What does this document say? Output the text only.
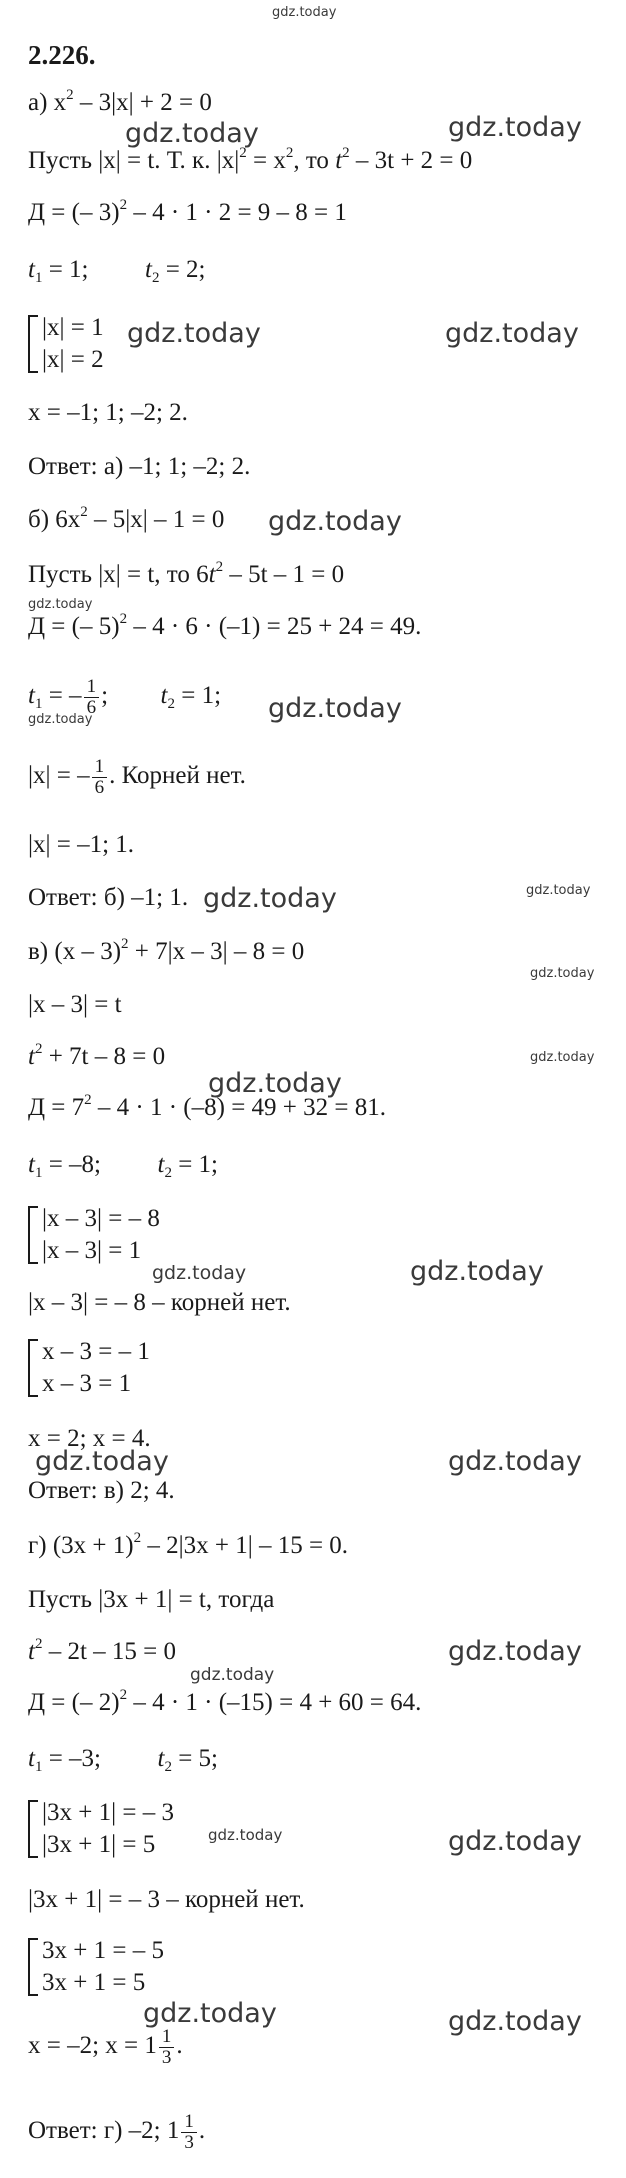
2.226.
а) $x^2 - 3|x| + 2 = 0$
Пусть |x| = t. Т. к. $|x|^2 = x^2$, то $t^2 - 3t + 2 = 0$
Д = (– 3)$^2$ – 4 · 1 · 2 = 9 – 8 = 1
$t_1 = 1$; $t_2 = 2$;
|x| = 1
|x| = 2
x = –1; 1; –2; 2.
Ответ: а) –1; 1; –2; 2.
б) $6x^2 - 5|x| - 1 = 0$
Пусть |x| = t, то $6t^2 - 5t - 1 = 0$
Д = (– 5)$^2$ – 4 · 6 · (–1) = 25 + 24 = 49.
$t_1$ = – $\frac{1}{6}$ ;  $t_2 = 1$;
|x| = – $\frac{1}{6}$ . Корней нет.
|x| = –1; 1.
Ответ: б) –1; 1.
в) (x – 3)$^2$ + 7|x – 3| – 8 = 0
|x – 3| = t
$t^2 + 7t - 8 = 0$
$Д = 7^2 - 4 \cdot 1 \cdot (-8) = 49 + 32 = 81$.
$t_1 = -8$; $t_2 = 1$;
|x – 3| = – 8
|x – 3| = 1
|x – 3| = – 8 – корней нет.
x – 3 = – 1
x – 3 = 1
x = 2; x = 4.
Ответ: в) 2; 4.
г) $(3x + 1)^2 - 2|3x + 1| - 15 = 0$.
Пусть |3x + 1| = t, тогда
$t^2 - 2t - 15 = 0$
Д = (– 2)$^2$ – 4 · 1 · (–15) = 4 + 60 = 64.
$t_1 = -3$; $t_2 = 5$;
|3x + 1| = – 3
|3x + 1| = 5
|3x + 1| = – 3 – корней нет.
3x + 1 = – 5
3x + 1 = 5
x = –2; $x = 1 \frac{1}{3}$ .
Ответ: г) –2; $1 \frac{1}{3}$ .
gdz.today
gdz.today	gdz.today
gdz.today	gdz.today
gdz.today
gdz.today
gdz.today	gdz.today
gdz.today	gdz.today
gdz.today
gdz.today
gdz.today
gdz.today	gdz.today
gdz.today	gdz.today
gdz.today
gdz.today
gdz.today	gdz.today
gdz.today	gdz.today
